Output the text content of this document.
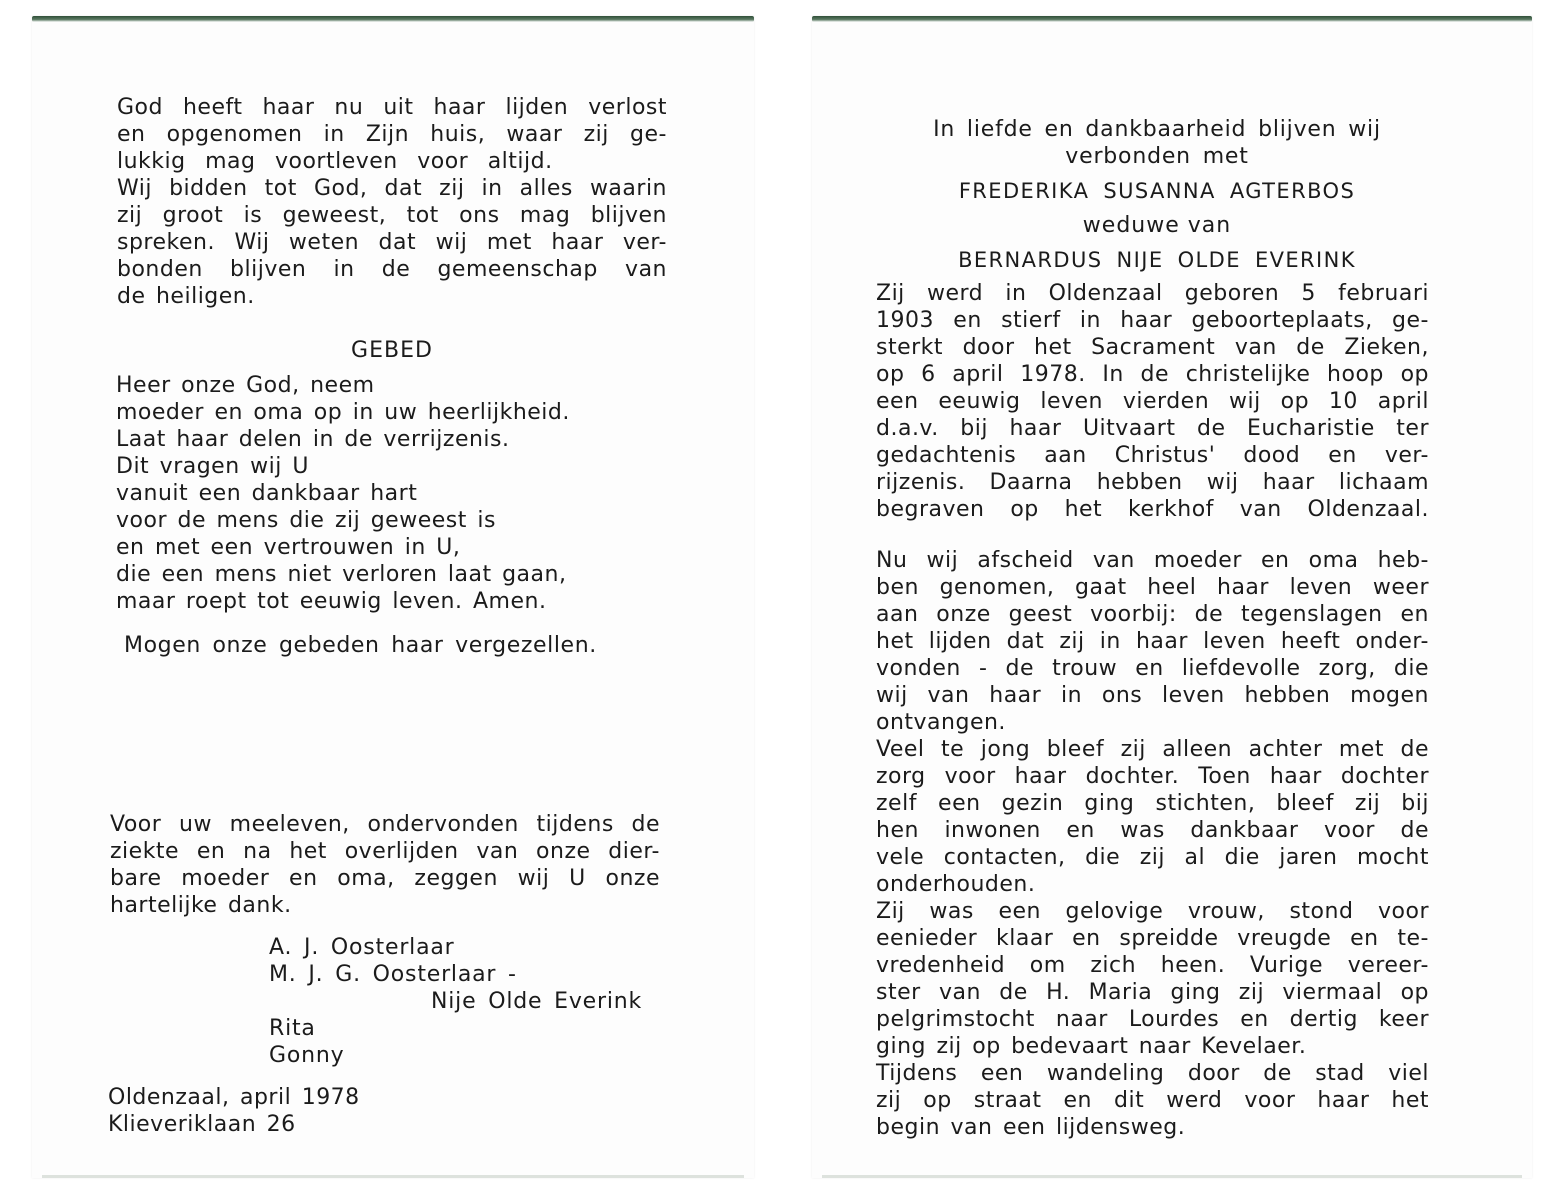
God heeft haar nu uit haar lijden verlost
en opgenomen in Zijn huis, waar zij ge-
lukkig mag voortleven voor altijd.
Wij bidden tot God, dat zij in alles waarin
zij groot is geweest, tot ons mag blijven
spreken. Wij weten dat wij met haar ver-
bonden blijven in de gemeenschap van
de heiligen.
GEBED
Heer onze God, neem
moeder en oma op in uw heerlijkheid.
Laat haar delen in de verrijzenis.
Dit vragen wij U
vanuit een dankbaar hart
voor de mens die zij geweest is
en met een vertrouwen in U,
die een mens niet verloren laat gaan,
maar roept tot eeuwig leven. Amen.
Mogen onze gebeden haar vergezellen.
Voor uw meeleven, ondervonden tijdens de
ziekte en na het overlijden van onze dier-
bare moeder en oma, zeggen wij U onze
hartelijke dank.
A. J. Oosterlaar
M. J. G. Oosterlaar -
Nije Olde Everink
Rita
Gonny
Oldenzaal, april 1978
Klieveriklaan 26
In liefde en dankbaarheid blijven wij
verbonden met
FREDERIKA SUSANNA AGTERBOS
weduwe van
BERNARDUS NIJE OLDE EVERINK
Zij werd in Oldenzaal geboren 5 februari
1903 en stierf in haar geboorteplaats, ge-
sterkt door het Sacrament van de Zieken,
op 6 april 1978. In de christelijke hoop op
een eeuwig leven vierden wij op 10 april
d.a.v. bij haar Uitvaart de Eucharistie ter
gedachtenis aan Christus' dood en ver-
rijzenis. Daarna hebben wij haar lichaam
begraven op het kerkhof van Oldenzaal.

Nu wij afscheid van moeder en oma heb-
ben genomen, gaat heel haar leven weer
aan onze geest voorbij: de tegenslagen en
het lijden dat zij in haar leven heeft onder-
vonden - de trouw en liefdevolle zorg, die
wij van haar in ons leven hebben mogen
ontvangen.

Veel te jong bleef zij alleen achter met de
zorg voor haar dochter. Toen haar dochter
zelf een gezin ging stichten, bleef zij bij
hen inwonen en was dankbaar voor de
vele contacten, die zij al die jaren mocht
onderhouden.

Zij was een gelovige vrouw, stond voor
eenieder klaar en spreidde vreugde en te-
vredenheid om zich heen. Vurige vereer-
ster van de H. Maria ging zij viermaal op
pelgrimstocht naar Lourdes en dertig keer
ging zij op bedevaart naar Kevelaer.

Tijdens een wandeling door de stad viel
zij op straat en dit werd voor haar het
begin van een lijdensweg.
